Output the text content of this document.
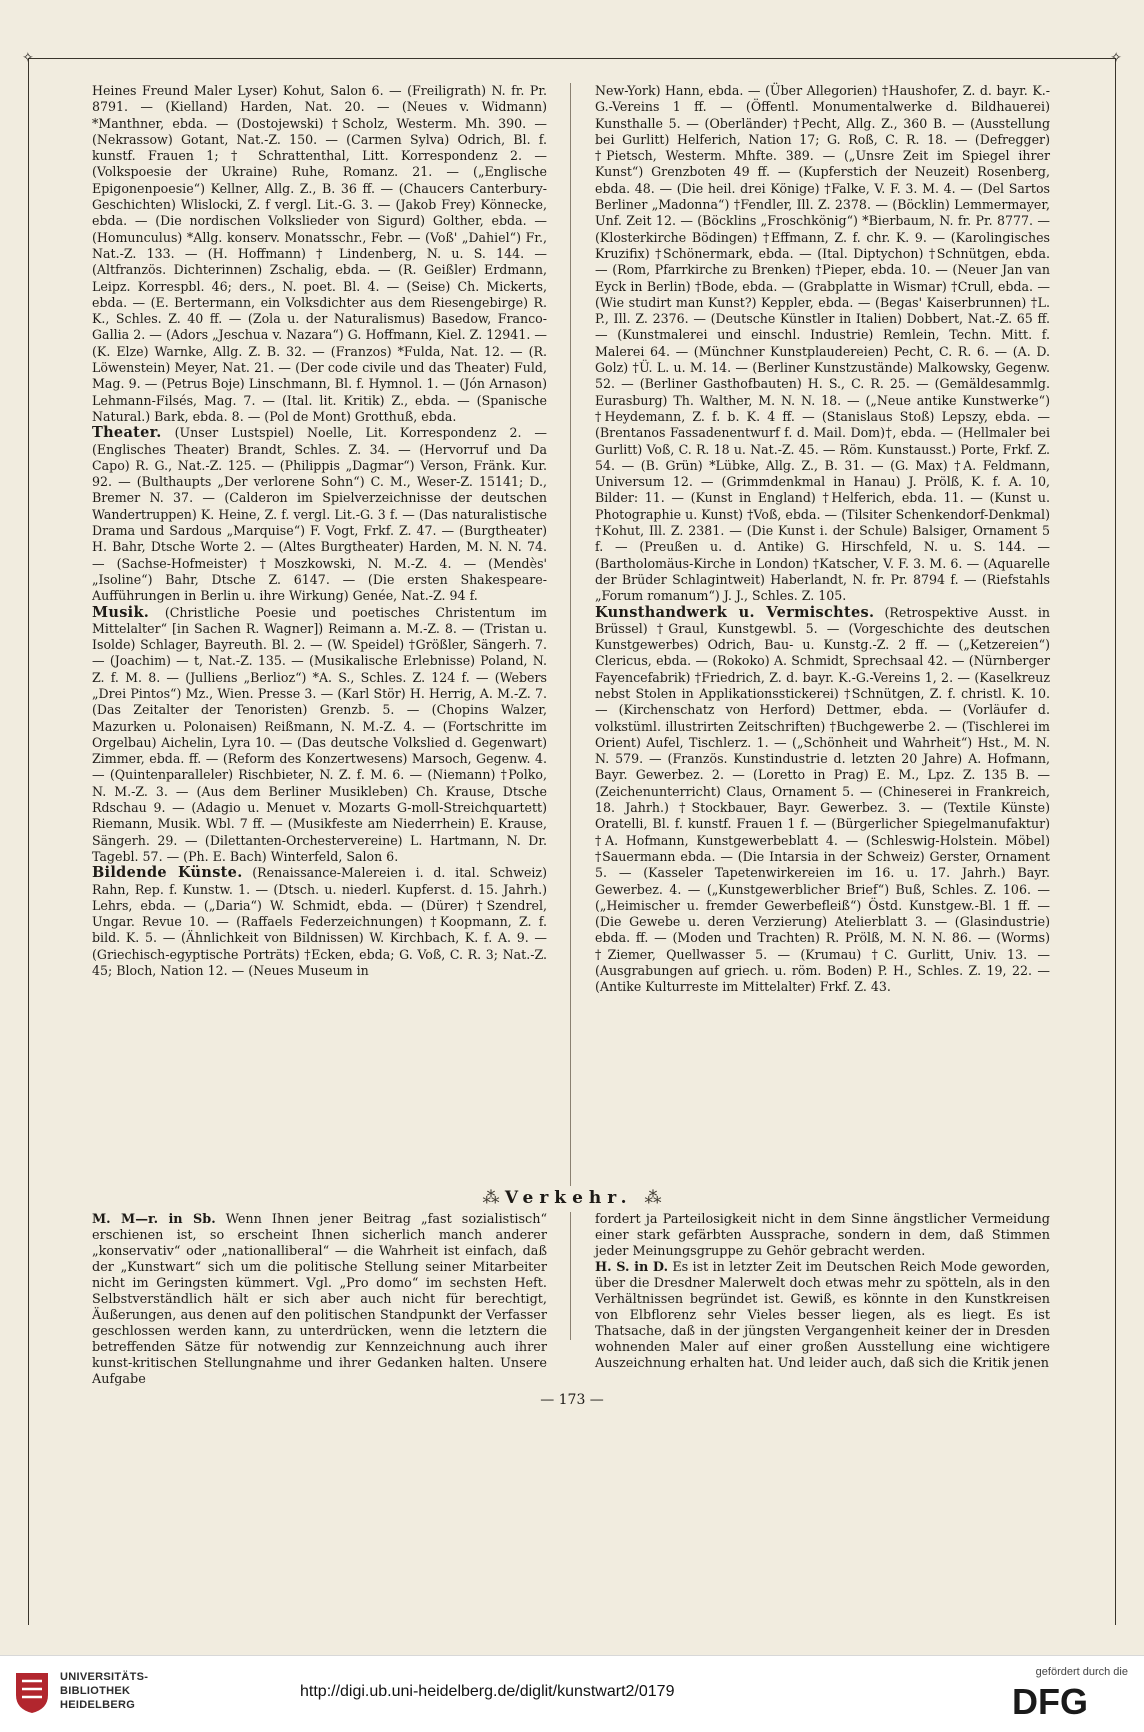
✧	✧

Heines Freund Maler Lyser) Kohut, Salon 6. — (Freiligrath) N. fr. Pr. 8791. — (Kielland) Harden, Nat. 20. — (Neues v. Widmann) *Manthner, ebda. — (Dostojewski) †Scholz, Westerm. Mh. 390. — (Nekrassow) Gotant, Nat.-Z. 150. — (Carmen Sylva) Odrich, Bl. f. kunstf. Frauen 1; † Schrattenthal, Litt. Korrespondenz 2. — (Volkspoesie der Ukraine) Ruhe, Romanz. 21. — („Englische Epigonenpoesie“) Kellner, Allg. Z., B. 36 ff. — (Chaucers Canterbury-Geschichten) Wlislocki, Z. f vergl. Lit.-G. 3. — (Jakob Frey) Könnecke, ebda. — (Die nordischen Volkslieder von Sigurd) Golther, ebda. — (Homunculus) *Allg. konserv. Monatsschr., Febr. — (Voß' „Dahiel“) Fr., Nat.-Z. 133. — (H. Hoffmann) † Lindenberg, N. u. S. 144. — (Altfranzös. Dichterinnen) Zschalig, ebda. — (R. Geißler) Erdmann, Leipz. Korrespbl. 46; ders., N. poet. Bl. 4. — (Seise) Ch. Mickerts, ebda. — (E. Bertermann, ein Volksdichter aus dem Riesengebirge) R. K., Schles. Z. 40 ff. — (Zola u. der Naturalismus) Basedow, Franco-Gallia 2. — (Adors „Jeschua v. Nazara“) G. Hoffmann, Kiel. Z. 12941. — (K. Elze) Warnke, Allg. Z. B. 32. — (Franzos) *Fulda, Nat. 12. — (R. Löwenstein) Meyer, Nat. 21. — (Der code civile und das Theater) Fuld, Mag. 9. — (Petrus Boje) Linschmann, Bl. f. Hymnol. 1. — (Jón Arnason) Lehmann-Filsés, Mag. 7. — (Ital. lit. Kritik) Z., ebda. — (Spanische Natural.) Bark, ebda. 8. — (Pol de Mont) Grotthuß, ebda.

Theater. (Unser Lustspiel) Noelle, Lit. Korrespondenz 2. — (Englisches Theater) Brandt, Schles. Z. 34. — (Hervorruf und Da Capo) R. G., Nat.-Z. 125. — (Philippis „Dagmar“) Verson, Fränk. Kur. 92. — (Bulthaupts „Der verlorene Sohn“) C. M., Weser-Z. 15141; D., Bremer N. 37. — (Calderon im Spielverzeichnisse der deutschen Wandertruppen) K. Heine, Z. f. vergl. Lit.-G. 3 f. — (Das naturalistische Drama und Sardous „Marquise“) F. Vogt, Frkf. Z. 47. — (Burgtheater) H. Bahr, Dtsche Worte 2. — (Altes Burgtheater) Harden, M. N. N. 74. — (Sachse-Hofmeister) †Moszkowski, N. M.-Z. 4. — (Mendès' „Isoline“) Bahr, Dtsche Z. 6147. — (Die ersten Shakespeare-Aufführungen in Berlin u. ihre Wirkung) Genée, Nat.-Z. 94 f.

Musik. (Christliche Poesie und poetisches Christentum im Mittelalter“ [in Sachen R. Wagner]) Reimann a. M.-Z. 8. — (Tristan u. Isolde) Schlager, Bayreuth. Bl. 2. — (W. Speidel) †Größler, Sängerh. 7. — (Joachim) — t, Nat.-Z. 135. — (Musikalische Erlebnisse) Poland, N. Z. f. M. 8. — (Julliens „Berlioz“) *A. S., Schles. Z. 124 f. — (Webers „Drei Pintos“) Mz., Wien. Presse 3. — (Karl Stör) H. Herrig, A. M.-Z. 7. (Das Zeitalter der Tenoristen) Grenzb. 5. — (Chopins Walzer, Mazurken u. Polonaisen) Reißmann, N. M.-Z. 4. — (Fortschritte im Orgelbau) Aichelin, Lyra 10. — (Das deutsche Volkslied d. Gegenwart) Zimmer, ebda. ff. — (Reform des Konzertwesens) Marsoch, Gegenw. 4. — (Quintenparalleler) Rischbieter, N. Z. f. M. 6. — (Niemann) †Polko, N. M.-Z. 3. — (Aus dem Berliner Musikleben) Ch. Krause, Dtsche Rdschau 9. — (Adagio u. Menuet v. Mozarts G-moll-Streichquartett) Riemann, Musik. Wbl. 7 ff. — (Musikfeste am Niederrhein) E. Krause, Sängerh. 29. — (Dilettanten-Orchestervereine) L. Hartmann, N. Dr. Tagebl. 57. — (Ph. E. Bach) Winterfeld, Salon 6.

Bildende Künste. (Renaissance-Malereien i. d. ital. Schweiz) Rahn, Rep. f. Kunstw. 1. — (Dtsch. u. niederl. Kupferst. d. 15. Jahrh.) Lehrs, ebda. — („Daria“) W. Schmidt, ebda. — (Dürer) †Szendrel, Ungar. Revue 10. — (Raffaels Federzeichnungen) †Koopmann, Z. f. bild. K. 5. — (Ähnlichkeit von Bildnissen) W. Kirchbach, K. f. A. 9. — (Griechisch-egyptische Porträts) †Ecken, ebda; G. Voß, C. R. 3; Nat.-Z. 45; Bloch, Nation 12. — (Neues Museum in

New-York) Hann, ebda. — (Über Allegorien) †Haushofer, Z. d. bayr. K.-G.-Vereins 1 ff. — (Öffentl. Monumentalwerke d. Bildhauerei) Kunsthalle 5. — (Oberländer) †Pecht, Allg. Z., 360 B. — (Ausstellung bei Gurlitt) Helferich, Nation 17; G. Roß, C. R. 18. — (Defregger) †Pietsch, Westerm. Mhfte. 389. — („Unsre Zeit im Spiegel ihrer Kunst“) Grenzboten 49 ff. — (Kupferstich der Neuzeit) Rosenberg, ebda. 48. — (Die heil. drei Könige) †Falke, V. F. 3. M. 4. — (Del Sartos Berliner „Madonna“) †Fendler, Ill. Z. 2378. — (Böcklin) Lemmermayer, Unf. Zeit 12. — (Böcklins „Froschkönig“) *Bierbaum, N. fr. Pr. 8777. — (Klosterkirche Bödingen) †Effmann, Z. f. chr. K. 9. — (Karolingisches Kruzifix) †Schönermark, ebda. — (Ital. Diptychon) †Schnütgen, ebda. — (Rom, Pfarrkirche zu Brenken) †Pieper, ebda. 10. — (Neuer Jan van Eyck in Berlin) †Bode, ebda. — (Grabplatte in Wismar) †Crull, ebda. — (Wie studirt man Kunst?) Keppler, ebda. — (Begas' Kaiserbrunnen) †L. P., Ill. Z. 2376. — (Deutsche Künstler in Italien) Dobbert, Nat.-Z. 65 ff. — (Kunstmalerei und einschl. Industrie) Remlein, Techn. Mitt. f. Malerei 64. — (Münchner Kunstplaudereien) Pecht, C. R. 6. — (A. D. Golz) †Ü. L. u. M. 14. — (Berliner Kunstzustände) Malkowsky, Gegenw. 52. — (Berliner Gasthofbauten) H. S., C. R. 25. — (Gemäldesammlg. Eurasburg) Th. Walther, M. N. N. 18. — („Neue antike Kunstwerke“) †Heydemann, Z. f. b. K. 4 ff. — (Stanislaus Stoß) Lepszy, ebda. — (Brentanos Fassadenentwurf f. d. Mail. Dom)†, ebda. — (Hellmaler bei Gurlitt) Voß, C. R. 18 u. Nat.-Z. 45. — Röm. Kunstausst.) Porte, Frkf. Z. 54. — (B. Grün) *Lübke, Allg. Z., B. 31. — (G. Max) †A. Feldmann, Universum 12. — (Grimmdenkmal in Hanau) J. Prölß, K. f. A. 10, Bilder: 11. — (Kunst in England) †Helferich, ebda. 11. — (Kunst u. Photographie u. Kunst) †Voß, ebda. — (Tilsiter Schenkendorf-Denkmal) †Kohut, Ill. Z. 2381. — (Die Kunst i. der Schule) Balsiger, Ornament 5 f. — (Preußen u. d. Antike) G. Hirschfeld, N. u. S. 144. — (Bartholomäus-Kirche in London) †Katscher, V. F. 3. M. 6. — (Aquarelle der Brüder Schlagintweit) Haberlandt, N. fr. Pr. 8794 f. — (Riefstahls „Forum romanum“) J. J., Schles. Z. 105.

Kunsthandwerk u. Vermischtes. (Retrospektive Ausst. in Brüssel) †Graul, Kunstgewbl. 5. — (Vorgeschichte des deutschen Kunstgewerbes) Odrich, Bau- u. Kunstg.-Z. 2 ff. — („Ketzereien“) Clericus, ebda. — (Rokoko) A. Schmidt, Sprechsaal 42. — (Nürnberger Fayencefabrik) †Friedrich, Z. d. bayr. K.-G.-Vereins 1, 2. — (Kaselkreuz nebst Stolen in Applikationsstickerei) †Schnütgen, Z. f. christl. K. 10. — (Kirchenschatz von Herford) Dettmer, ebda. — (Vorläufer d. volkstüml. illustrirten Zeitschriften) †Buchgewerbe 2. — (Tischlerei im Orient) Aufel, Tischlerz. 1. — („Schönheit und Wahrheit“) Hst., M. N. N. 579. — (Französ. Kunstindustrie d. letzten 20 Jahre) A. Hofmann, Bayr. Gewerbez. 2. — (Loretto in Prag) E. M., Lpz. Z. 135 B. — (Zeichenunterricht) Claus, Ornament 5. — (Chineserei in Frankreich, 18. Jahrh.) †Stockbauer, Bayr. Gewerbez. 3. — (Textile Künste) Oratelli, Bl. f. kunstf. Frauen 1 f. — (Bürgerlicher Spiegelmanufaktur) †A. Hofmann, Kunstgewerbeblatt 4. — (Schleswig-Holstein. Möbel) †Sauermann ebda. — (Die Intarsia in der Schweiz) Gerster, Ornament 5. — (Kasseler Tapetenwirkereien im 16. u. 17. Jahrh.) Bayr. Gewerbez. 4. — („Kunstgewerblicher Brief“) Buß, Schles. Z. 106. — („Heimischer u. fremder Gewerbefleiß“) Östd. Kunstgew.-Bl. 1 ff. — (Die Gewebe u. deren Verzierung) Atelierblatt 3. — (Glasindustrie) ebda. ff. — (Moden und Trachten) R. Prölß, M. N. N. 86. — (Worms) †Ziemer, Quellwasser 5. — (Krumau) †C. Gurlitt, Univ. 13. — (Ausgrabungen auf griech. u. röm. Boden) P. H., Schles. Z. 19, 22. — (Antike Kulturreste im Mittelalter) Frkf. Z. 43.

⁂ Verkehr. ⁂

M. M—r. in Sb. Wenn Ihnen jener Beitrag „fast sozialistisch“ erschienen ist, so erscheint Ihnen sicherlich manch anderer „konservativ“ oder „nationalliberal“ — die Wahrheit ist einfach, daß der „Kunstwart“ sich um die politische Stellung seiner Mitarbeiter nicht im Geringsten kümmert. Vgl. „Pro domo“ im sechsten Heft. Selbstverständlich hält er sich aber auch nicht für berechtigt, Äußerungen, aus denen auf den politischen Standpunkt der Verfasser geschlossen werden kann, zu unterdrücken, wenn die letztern die betreffenden Sätze für notwendig zur Kennzeichnung auch ihrer kunst-kritischen Stellungnahme und ihrer Gedanken halten. Unsere Aufgabe

fordert ja Parteilosigkeit nicht in dem Sinne ängstlicher Vermeidung einer stark gefärbten Aussprache, sondern in dem, daß Stimmen jeder Meinungsgruppe zu Gehör gebracht werden.

H. S. in D. Es ist in letzter Zeit im Deutschen Reich Mode geworden, über die Dresdner Malerwelt doch etwas mehr zu spötteln, als in den Verhältnissen begründet ist. Gewiß, es könnte in den Kunstkreisen von Elbflorenz sehr Vieles besser liegen, als es liegt. Es ist Thatsache, daß in der jüngsten Vergangenheit keiner der in Dresden wohnenden Maler auf einer großen Ausstellung eine wichtigere Auszeichnung erhalten hat. Und leider auch, daß sich die Kritik jenen

— 173 —
UNIVERSITÄTS-
BIBLIOTHEK
HEIDELBERG
http://digi.ub.uni-heidelberg.de/diglit/kunstwart2/0179
gefördert durch die
DFG
